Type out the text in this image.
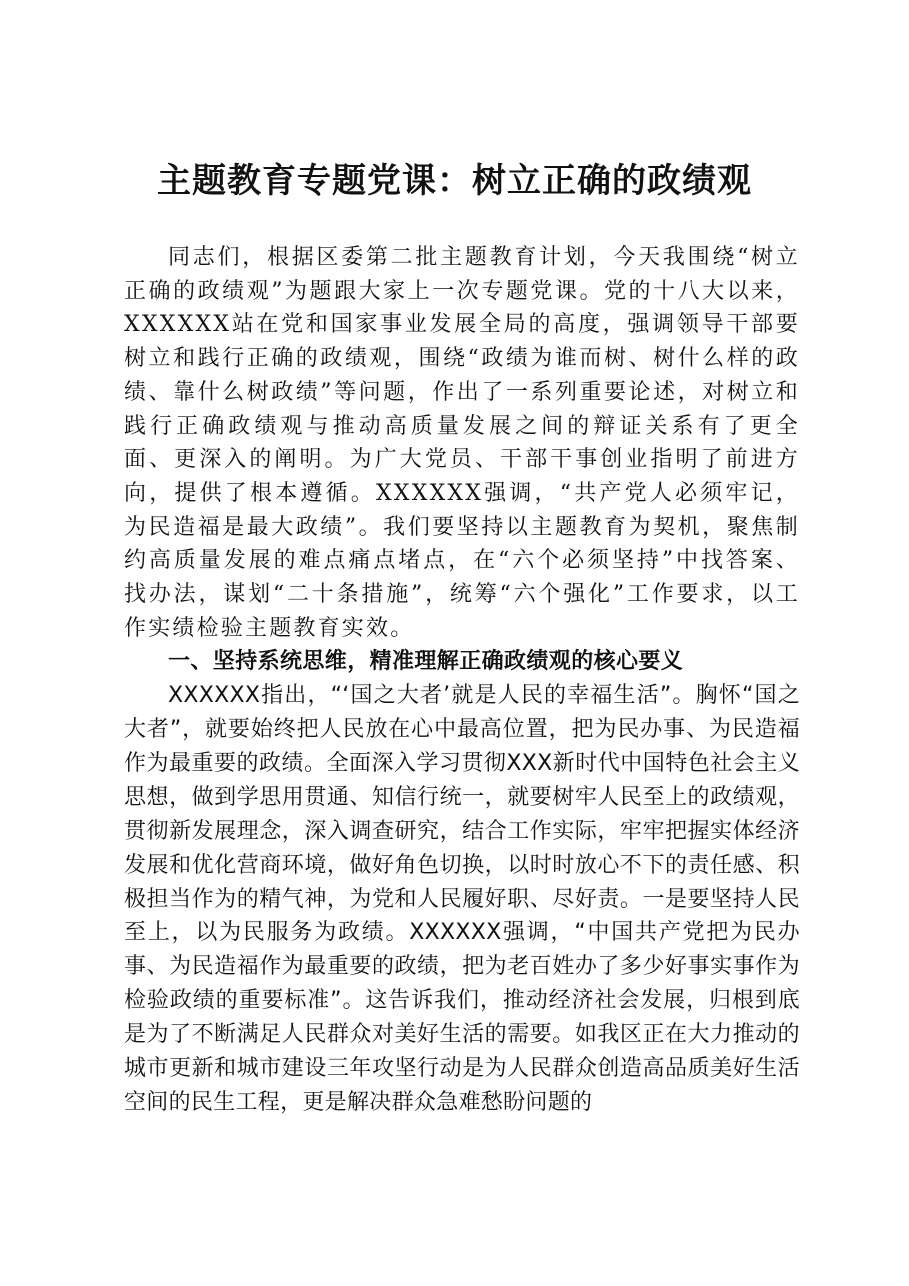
主题教育专题党课：树立正确的政绩观

同志们，根据区委第二批主题教育计划，今天我围绕“树立正确的政绩观”为题跟大家上一次专题党课。党的十八大以来，XXXXXX站在党和国家事业发展全局的高度，强调领导干部要树立和践行正确的政绩观，围绕“政绩为谁而树、树什么样的政绩、靠什么树政绩”等问题，作出了一系列重要论述，对树立和践行正确政绩观与推动高质量发展之间的辩证关系有了更全面、更深入的阐明。为广大党员、干部干事创业指明了前进方向，提供了根本遵循。XXXXXX强调，“共产党人必须牢记，为民造福是最大政绩”。我们要坚持以主题教育为契机，聚焦制约高质量发展的难点痛点堵点，在“六个必须坚持”中找答案、找办法，谋划“二十条措施”，统筹“六个强化”工作要求，以工作实绩检验主题教育实效。

一、坚持系统思维，精准理解正确政绩观的核心要义

XXXXXX指出，“‘国之大者’就是人民的幸福生活”。胸怀“国之大者”，就要始终把人民放在心中最高位置，把为民办事、为民造福作为最重要的政绩。全面深入学习贯彻XXX新时代中国特色社会主义思想，做到学思用贯通、知信行统一，就要树牢人民至上的政绩观，贯彻新发展理念，深入调查研究，结合工作实际，牢牢把握实体经济发展和优化营商环境，做好角色切换，以时时放心不下的责任感、积极担当作为的精气神，为党和人民履好职、尽好责。一是要坚持人民至上，以为民服务为政绩。XXXXXX强调，“中国共产党把为民办事、为民造福作为最重要的政绩，把为老百姓办了多少好事实事作为检验政绩的重要标准”。这告诉我们，推动经济社会发展，归根到底是为了不断满足人民群众对美好生活的需要。如我区正在大力推动的城市更新和城市建设三年攻坚行动是为人民群众创造高品质美好生活空间的民生工程，更是解决群众急难愁盼问题的
